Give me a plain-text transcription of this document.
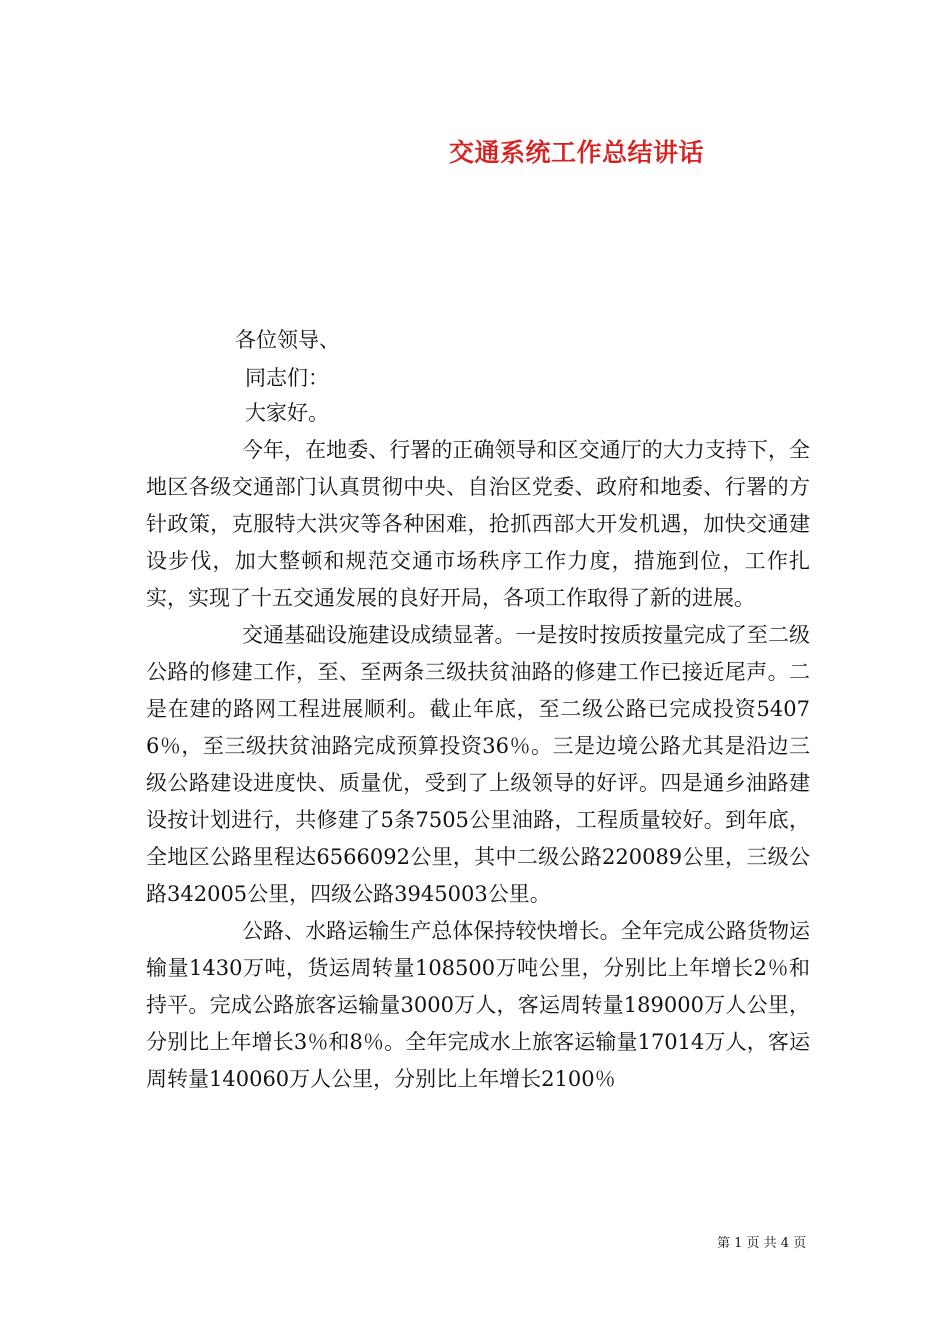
交通系统工作总结讲话
各位领导、
同志们：
大家好。

今年，在地委、行署的正确领导和区交通厅的大力支持下，全地区各级交通部门认真贯彻中央、自治区党委、政府和地委、行署的方针政策，克服特大洪灾等各种困难，抢抓西部大开发机遇，加快交通建设步伐，加大整顿和规范交通市场秩序工作力度，措施到位，工作扎实，实现了十五交通发展的良好开局，各项工作取得了新的进展。

交通基础设施建设成绩显著。一是按时按质按量完成了至二级公路的修建工作，至、至两条三级扶贫油路的修建工作已接近尾声。二是在建的路网工程进展顺利。截止年底，至二级公路已完成投资54076％，至三级扶贫油路完成预算投资36％。三是边境公路尤其是沿边三级公路建设进度快、质量优，受到了上级领导的好评。四是通乡油路建设按计划进行，共修建了5条7505公里油路，工程质量较好。到年底，全地区公路里程达6566092公里，其中二级公路220089公里，三级公路342005公里，四级公路3945003公里。

公路、水路运输生产总体保持较快增长。全年完成公路货物运输量1430万吨，货运周转量108500万吨公里，分别比上年增长2％和持平。完成公路旅客运输量3000万人，客运周转量189000万人公里，分别比上年增长3％和8％。全年完成水上旅客运输量17014万人，客运周转量140060万人公里，分别比上年增长2100％

第 1 页 共 4 页
